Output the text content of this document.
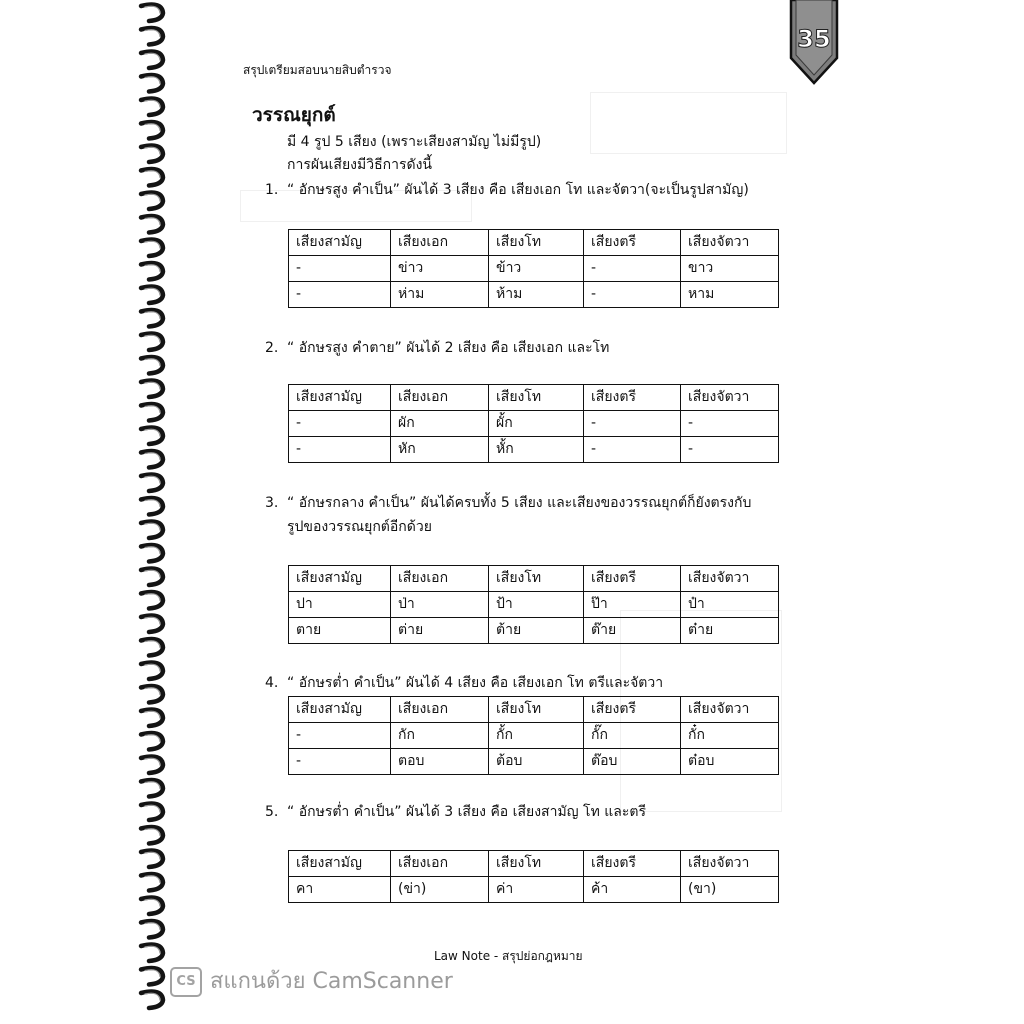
35
สรุปเตรียมสอบนายสิบตำรวจ
วรรณยุกต์
มี 4 รูป 5 เสียง (เพราะเสียงสามัญ ไม่มีรูป)
การผันเสียงมีวิธีการดังนี้
1. “ อักษรสูง คำเป็น” ผันได้ 3 เสียง คือ เสียงเอก โท และจัตวา(จะเป็นรูปสามัญ)
เสียงสามัญ	เสียงเอก	เสียงโท	เสียงตรี	เสียงจัตวา
-	ข่าว	ข้าว	-	ขาว
-	ห่าม	ห้าม	-	หาม
2. “ อักษรสูง คำตาย” ผันได้ 2 เสียง คือ เสียงเอก และโท
เสียงสามัญ	เสียงเอก	เสียงโท	เสียงตรี	เสียงจัตวา
-	ผัก	ผั้ก	-	-
-	หัก	หั้ก	-	-
3. “ อักษรกลาง คำเป็น” ผันได้ครบทั้ง 5 เสียง และเสียงของวรรณยุกต์ก็ยังตรงกับ
รูปของวรรณยุกต์อีกด้วย
เสียงสามัญ	เสียงเอก	เสียงโท	เสียงตรี	เสียงจัตวา
ปา	ป่า	ป้า	ป๊า	ป๋า
ตาย	ต่าย	ต้าย	ต๊าย	ต๋าย
4. “ อักษรต่ำ คำเป็น” ผันได้ 4 เสียง คือ เสียงเอก โท ตรีและจัตวา
เสียงสามัญ	เสียงเอก	เสียงโท	เสียงตรี	เสียงจัตวา
-	กัก	กั้ก	กั๊ก	กั๋ก
-	ตอบ	ต้อบ	ต๊อบ	ต๋อบ
5. “ อักษรต่ำ คำเป็น” ผันได้ 3 เสียง คือ เสียงสามัญ โท และตรี
เสียงสามัญ	เสียงเอก	เสียงโท	เสียงตรี	เสียงจัตวา
คา	(ข่า)	ค่า	ค้า	(ขา)
Law Note - สรุปย่อกฎหมาย
CS สแกนด้วย CamScanner
